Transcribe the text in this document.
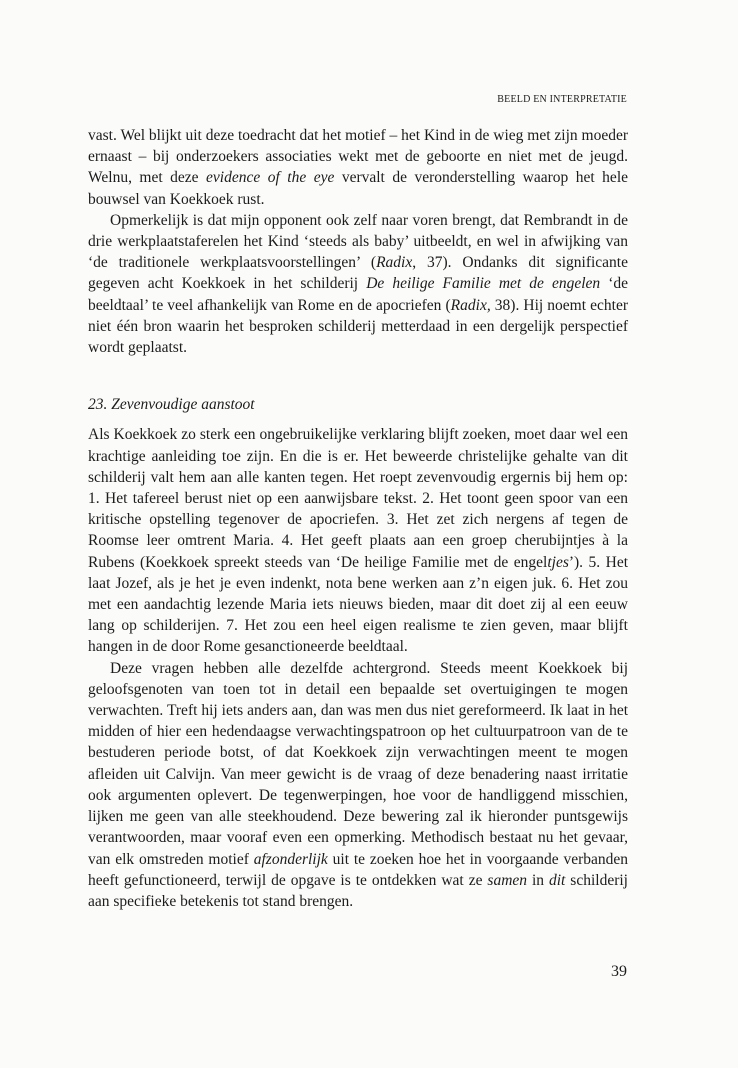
BEELD EN INTERPRETATIE

vast. Wel blijkt uit deze toedracht dat het motief – het Kind in de wieg met zijn moeder ernaast – bij onderzoekers associaties wekt met de geboorte en niet met de jeugd. Welnu, met deze evidence of the eye vervalt de veronderstelling waarop het hele bouwsel van Koekkoek rust.

Opmerkelijk is dat mijn opponent ook zelf naar voren brengt, dat Rembrandt in de drie werkplaatstaferelen het Kind ‘steeds als baby’ uitbeeldt, en wel in afwijking van ‘de traditionele werkplaatsvoorstellingen’ (Radix, 37). Ondanks dit significante gegeven acht Koekkoek in het schilderij De heilige Familie met de engelen ‘de beeldtaal’ te veel afhankelijk van Rome en de apocriefen (Radix, 38). Hij noemt echter niet één bron waarin het besproken schilderij metterdaad in een dergelijk perspectief wordt geplaatst.

23. Zevenvoudige aanstoot

Als Koekkoek zo sterk een ongebruikelijke verklaring blijft zoeken, moet daar wel een krachtige aanleiding toe zijn. En die is er. Het beweerde christelijke gehalte van dit schilderij valt hem aan alle kanten tegen. Het roept zevenvoudig ergernis bij hem op: 1. Het tafereel berust niet op een aanwijsbare tekst. 2. Het toont geen spoor van een kritische opstelling tegenover de apocriefen. 3. Het zet zich nergens af tegen de Roomse leer omtrent Maria. 4. Het geeft plaats aan een groep cherubijntjes à la Rubens (Koekkoek spreekt steeds van ‘De heilige Familie met de engeltjes’). 5. Het laat Jozef, als je het je even indenkt, nota bene werken aan z’n eigen juk. 6. Het zou met een aandachtig lezende Maria iets nieuws bieden, maar dit doet zij al een eeuw lang op schilderijen. 7. Het zou een heel eigen realisme te zien geven, maar blijft hangen in de door Rome gesanctioneerde beeldtaal.

Deze vragen hebben alle dezelfde achtergrond. Steeds meent Koekkoek bij geloofsgenoten van toen tot in detail een bepaalde set overtuigingen te mogen verwachten. Treft hij iets anders aan, dan was men dus niet gereformeerd. Ik laat in het midden of hier een hedendaagse verwachtingspatroon op het cultuurpatroon van de te bestuderen periode botst, of dat Koekkoek zijn verwachtingen meent te mogen afleiden uit Calvijn. Van meer gewicht is de vraag of deze benadering naast irritatie ook argumenten oplevert. De tegenwerpingen, hoe voor de handliggend misschien, lijken me geen van alle steekhoudend. Deze bewering zal ik hieronder puntsgewijs verantwoorden, maar vooraf even een opmerking. Methodisch bestaat nu het gevaar, van elk omstreden motief afzonderlijk uit te zoeken hoe het in voorgaande verbanden heeft gefunctioneerd, terwijl de opgave is te ontdekken wat ze samen in dit schilderij aan specifieke betekenis tot stand brengen.

39
